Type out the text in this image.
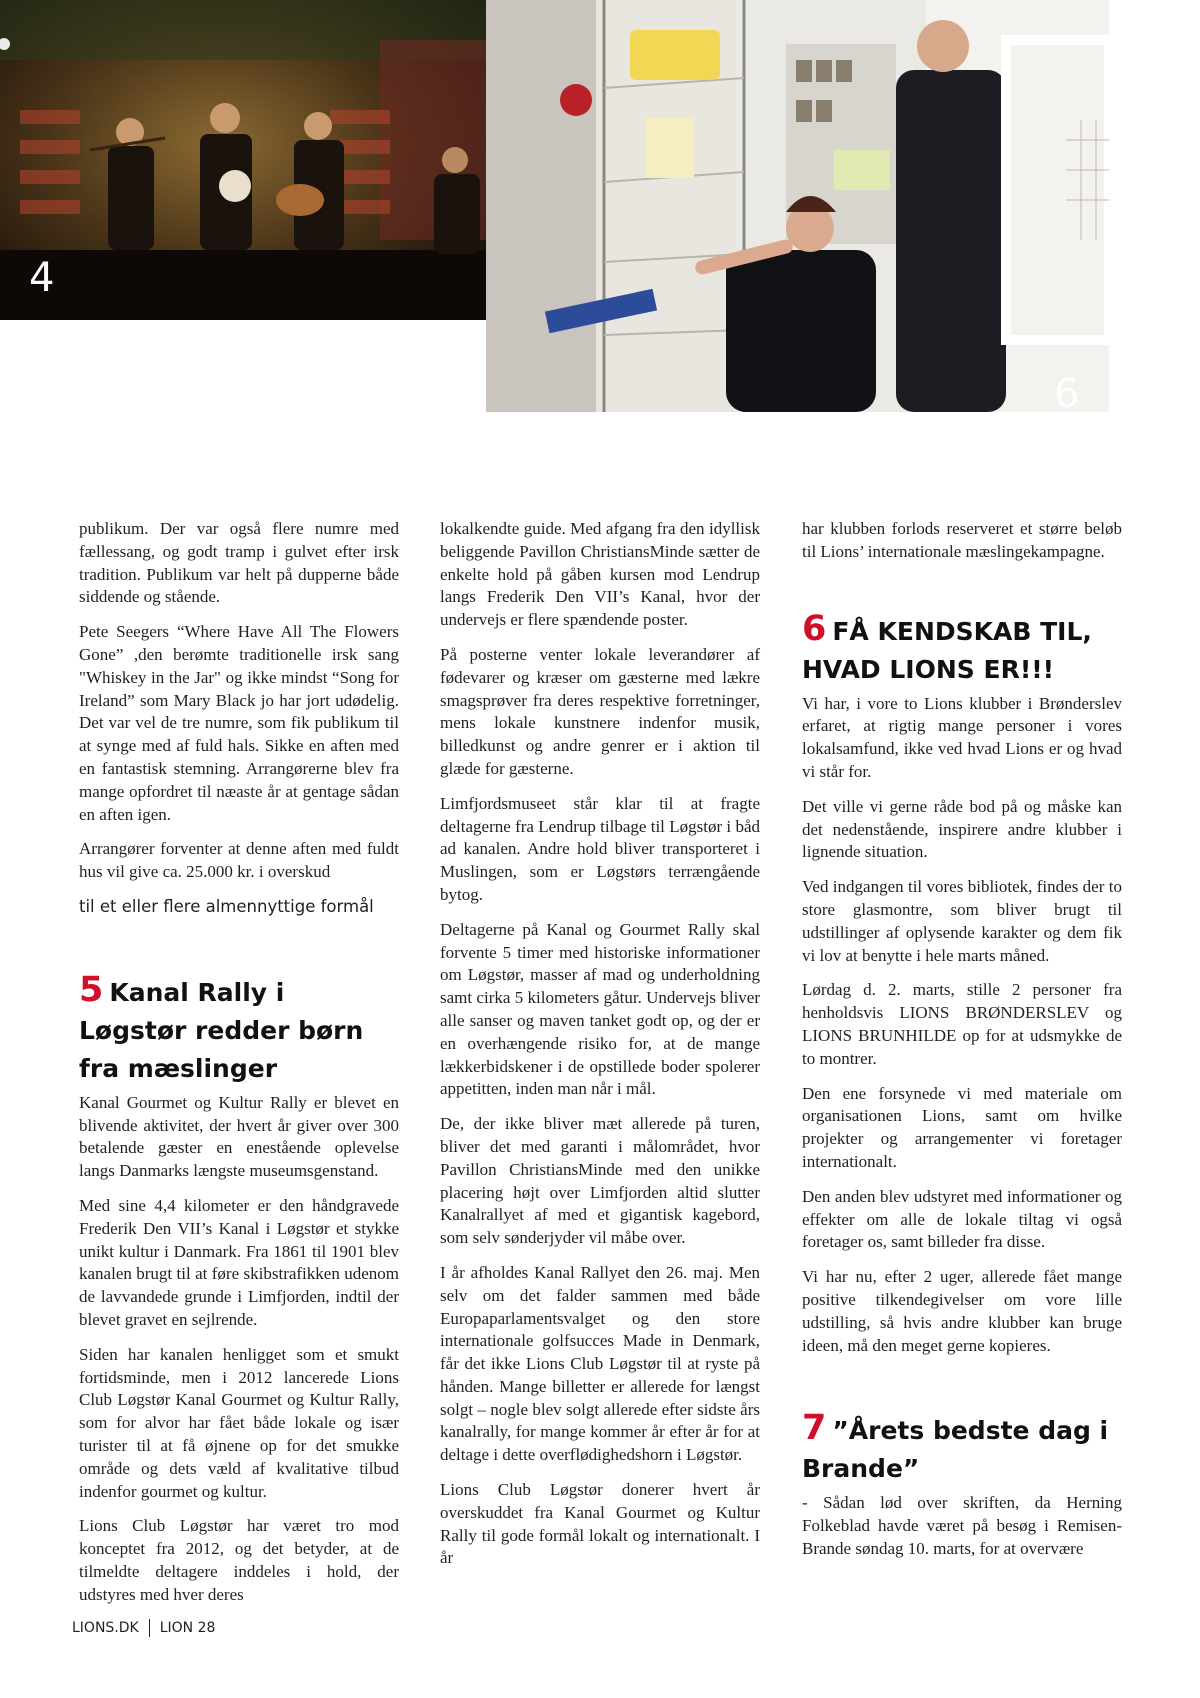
4
6

publikum. Der var også flere numre med fællessang, og godt tramp i gulvet efter irsk tradition. Publikum var helt på dupperne både siddende og stående.

Pete Seegers “Where Have All The Flowers Gone” ,den berømte traditionelle irsk sang "Whiskey in the Jar" og ikke mindst “Song for Ireland” som Mary Black jo har jort udødelig. Det var vel de tre numre, som fik publikum til at synge med af fuld hals. Sikke en aften med en fantastisk stemning. Arrangørerne blev fra mange opfordret til næaste år at gentage sådan en aften igen.

Arrangører forventer at denne aften med fuldt hus vil give ca. 25.000 kr. i overskud

til et eller flere almennyttige formål

5 Kanal Rally i Løgstør redder børn fra mæslinger

Kanal Gourmet og Kultur Rally er blevet en blivende aktivitet, der hvert år giver over 300 betalende gæster en enestående oplevelse langs Danmarks længste museumsgenstand.

Med sine 4,4 kilometer er den håndgravede Frederik Den VII’s Kanal i Løgstør et stykke unikt kultur i Danmark. Fra 1861 til 1901 blev kanalen brugt til at føre skibstrafikken udenom de lavvandede grunde i Limfjorden, indtil der blevet gravet en sejlrende.

Siden har kanalen henligget som et smukt fortidsminde, men i 2012 lancerede Lions Club Løgstør Kanal Gourmet og Kultur Rally, som for alvor har fået både lokale og især turister til at få øjnene op for det smukke område og dets væld af kvalitative tilbud indenfor gourmet og kultur.

Lions Club Løgstør har været tro mod konceptet fra 2012, og det betyder, at de tilmeldte deltagere inddeles i hold, der udstyres med hver deres

lokalkendte guide. Med afgang fra den idyllisk beliggende Pavillon ChristiansMinde sætter de enkelte hold på gåben kursen mod Lendrup langs Frederik Den VII’s Kanal, hvor der undervejs er flere spændende poster.

På posterne venter lokale leverandører af fødevarer og kræser om gæsterne med lækre smagsprøver fra deres respektive forretninger, mens lokale kunstnere indenfor musik, billedkunst og andre genrer er i aktion til glæde for gæsterne.

Limfjordsmuseet står klar til at fragte deltagerne fra Lendrup tilbage til Løgstør i båd ad kanalen. Andre hold bliver transporteret i Muslingen, som er Løgstørs terrængående bytog.

Deltagerne på Kanal og Gourmet Rally skal forvente 5 timer med historiske informationer om Løgstør, masser af mad og underholdning samt cirka 5 kilometers gåtur. Undervejs bliver alle sanser og maven tanket godt op, og der er en overhængende risiko for, at de mange lækkerbidskener i de opstillede boder spolerer appetitten, inden man når i mål.

De, der ikke bliver mæt allerede på turen, bliver det med garanti i målområdet, hvor Pavillon ChristiansMinde med den unikke placering højt over Limfjorden altid slutter Kanalrallyet af med et gigantisk kagebord, som selv sønderjyder vil måbe over.

I år afholdes Kanal Rallyet den 26. maj. Men selv om det falder sammen med både Europaparlamentsvalget og den store internationale golfsucces Made in Denmark, får det ikke Lions Club Løgstør til at ryste på hånden. Mange billetter er allerede for længst solgt – nogle blev solgt allerede efter sidste års kanalrally, for mange kommer år efter år for at deltage i dette overflødighedshorn i Løgstør.

Lions Club Løgstør donerer hvert år overskuddet fra Kanal Gourmet og Kultur Rally til gode formål lokalt og internationalt. I år

har klubben forlods reserveret et større beløb til Lions’ internationale mæslingekampagne.

6 FÅ KENDSKAB TIL, HVAD LIONS ER!!!

Vi har, i vore to Lions klubber i Brønderslev erfaret, at rigtig mange personer i vores lokalsamfund, ikke ved hvad Lions er og hvad vi står for.

Det ville vi gerne råde bod på og måske kan det nedenstående, inspirere andre klubber i lignende situation.

Ved indgangen til vores bibliotek, findes der to store glasmontre, som bliver brugt til udstillinger af oplysende karakter og dem fik vi lov at benytte i hele marts måned.

Lørdag d. 2. marts, stille 2 personer fra henholdsvis LIONS BRØNDERSLEV og LIONS BRUNHILDE op for at udsmykke de to montrer.

Den ene forsynede vi med materiale om organisationen Lions, samt om hvilke projekter og arrangementer vi foretager internationalt.

Den anden blev udstyret med informationer og effekter om alle de lokale tiltag vi også foretager os, samt billeder fra disse.

Vi har nu, efter 2 uger, allerede fået mange positive tilkendegivelser om vore lille udstilling, så hvis andre klubber kan bruge ideen, må den meget gerne kopieres.

7 ”Årets bedste dag i Brande”

- Sådan lød over skriften, da Herning Folkeblad havde været på besøg i Remisen-Brande søndag 10. marts, for at overvære

LIONS.DK LION 28
